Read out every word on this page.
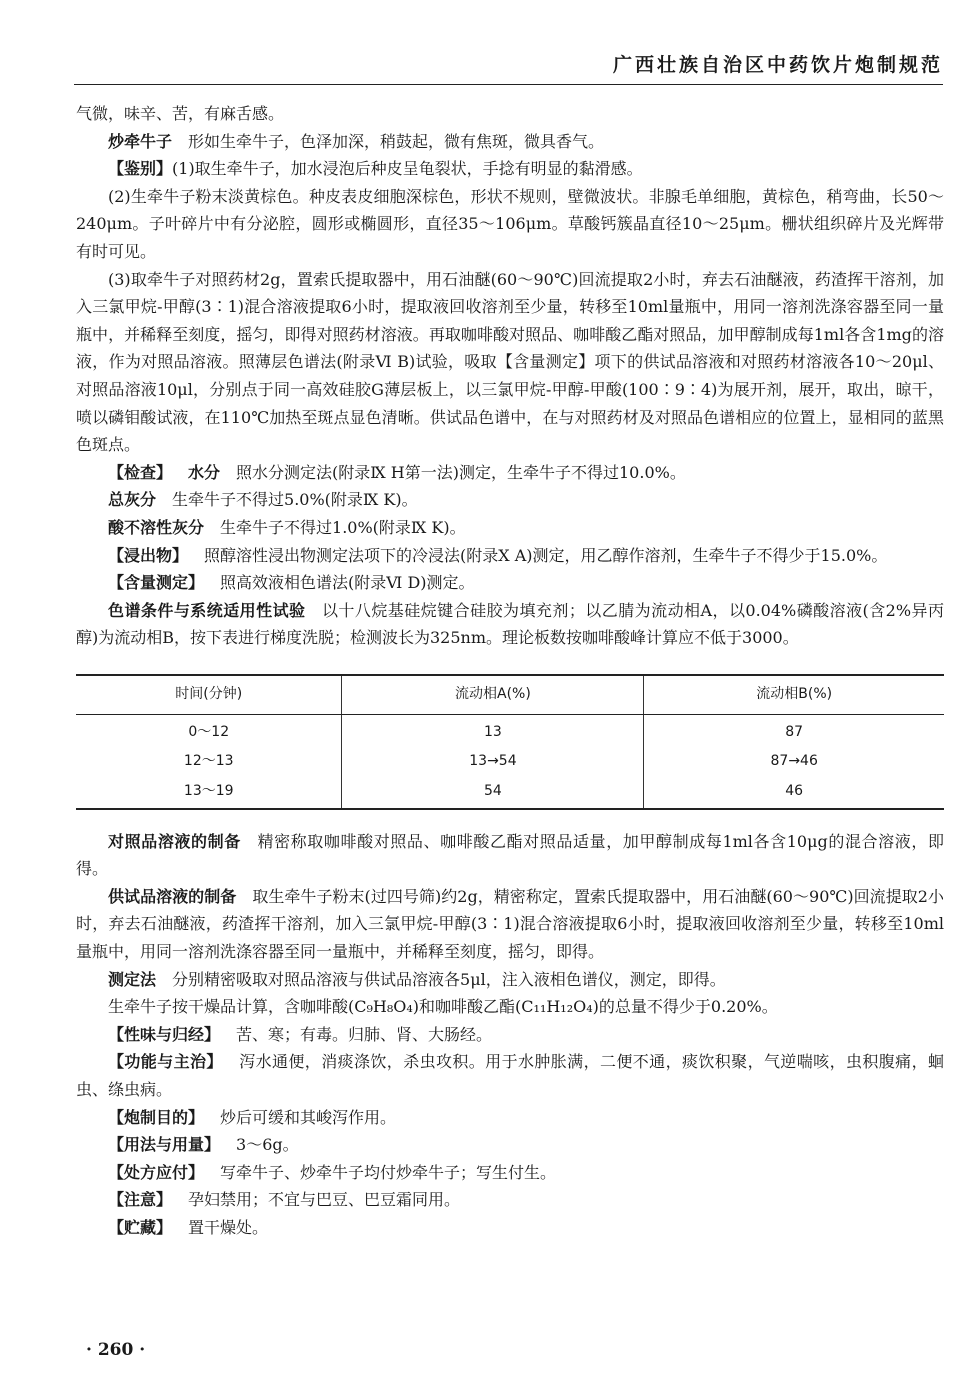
广西壮族自治区中药饮片炮制规范

气微，味辛、苦，有麻舌感。

炒牵牛子 形如生牵牛子，色泽加深，稍鼓起，微有焦斑，微具香气。

【鉴别】(1)取生牵牛子，加水浸泡后种皮呈龟裂状，手捻有明显的黏滑感。

(2)生牵牛子粉末淡黄棕色。种皮表皮细胞深棕色，形状不规则，壁微波状。非腺毛单细胞，黄棕色，稍弯曲，长50～240μm。子叶碎片中有分泌腔，圆形或椭圆形，直径35～106μm。草酸钙簇晶直径10～25μm。栅状组织碎片及光辉带有时可见。

(3)取牵牛子对照药材2g，置索氏提取器中，用石油醚(60～90℃)回流提取2小时，弃去石油醚液，药渣挥干溶剂，加入三氯甲烷-甲醇(3∶1)混合溶液提取6小时，提取液回收溶剂至少量，转移至10ml量瓶中，用同一溶剂洗涤容器至同一量瓶中，并稀释至刻度，摇匀，即得对照药材溶液。再取咖啡酸对照品、咖啡酸乙酯对照品，加甲醇制成每1ml各含1mg的溶液，作为对照品溶液。照薄层色谱法(附录Ⅵ B)试验，吸取【含量测定】项下的供试品溶液和对照药材溶液各10～20μl、对照品溶液10μl，分别点于同一高效硅胶G薄层板上，以三氯甲烷-甲醇-甲酸(100∶9∶4)为展开剂，展开，取出，晾干，喷以磷钼酸试液，在110℃加热至斑点显色清晰。供试品色谱中，在与对照药材及对照品色谱相应的位置上，显相同的蓝黑色斑点。

【检查】 水分 照水分测定法(附录Ⅸ H第一法)测定，生牵牛子不得过10.0%。

总灰分 生牵牛子不得过5.0%(附录Ⅸ K)。

酸不溶性灰分 生牵牛子不得过1.0%(附录Ⅸ K)。

【浸出物】 照醇溶性浸出物测定法项下的冷浸法(附录Ⅹ A)测定，用乙醇作溶剂，生牵牛子不得少于15.0%。

【含量测定】 照高效液相色谱法(附录Ⅵ D)测定。

色谱条件与系统适用性试验 以十八烷基硅烷键合硅胶为填充剂；以乙腈为流动相A，以0.04%磷酸溶液(含2%异丙醇)为流动相B，按下表进行梯度洗脱；检测波长为325nm。理论板数按咖啡酸峰计算应不低于3000。

时间(分钟)	流动相A(%)	流动相B(%)
0～12	13	87
12～13	13→54	87→46
13～19	54	46

对照品溶液的制备 精密称取咖啡酸对照品、咖啡酸乙酯对照品适量，加甲醇制成每1ml各含10μg的混合溶液，即得。

供试品溶液的制备 取生牵牛子粉末(过四号筛)约2g，精密称定，置索氏提取器中，用石油醚(60～90℃)回流提取2小时，弃去石油醚液，药渣挥干溶剂，加入三氯甲烷-甲醇(3∶1)混合溶液提取6小时，提取液回收溶剂至少量，转移至10ml量瓶中，用同一溶剂洗涤容器至同一量瓶中，并稀释至刻度，摇匀，即得。

测定法 分别精密吸取对照品溶液与供试品溶液各5μl，注入液相色谱仪，测定，即得。

生牵牛子按干燥品计算，含咖啡酸(C₉H₈O₄)和咖啡酸乙酯(C₁₁H₁₂O₄)的总量不得少于0.20%。

【性味与归经】 苦、寒；有毒。归肺、肾、大肠经。

【功能与主治】 泻水通便，消痰涤饮，杀虫攻积。用于水肿胀满，二便不通，痰饮积聚，气逆喘咳，虫积腹痛，蛔虫、绦虫病。

【炮制目的】 炒后可缓和其峻泻作用。

【用法与用量】 3～6g。

【处方应付】 写牵牛子、炒牵牛子均付炒牵牛子；写生付生。

【注意】 孕妇禁用；不宜与巴豆、巴豆霜同用。

【贮藏】 置干燥处。

· 260 ·
